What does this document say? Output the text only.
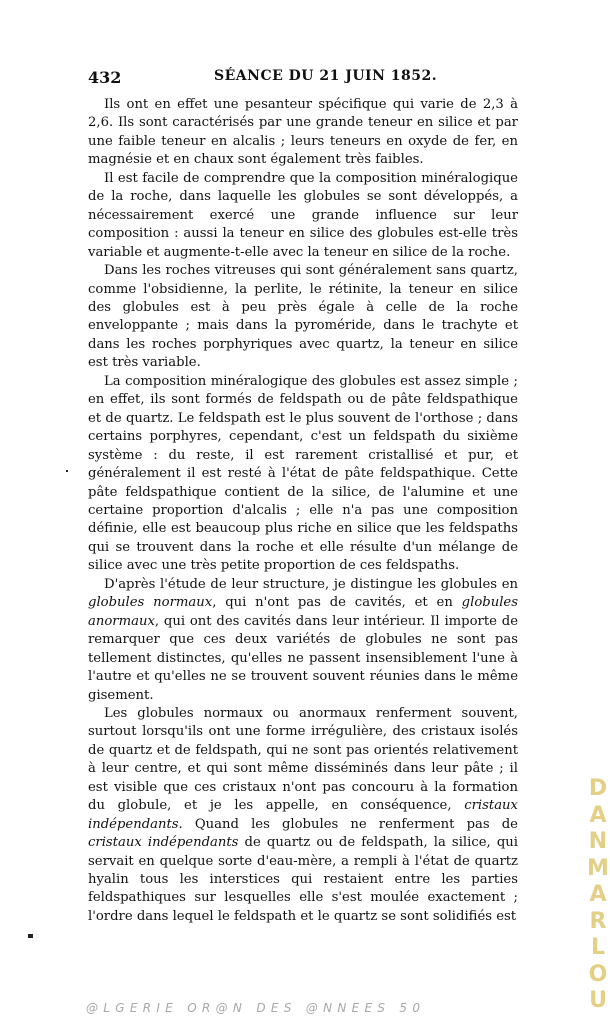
432	SÉANCE DU 21 JUIN 1852.

Ils ont en effet une pesanteur spécifique qui varie de 2,3 à 2,6. Ils sont caractérisés par une grande teneur en silice et par une faible teneur en alcalis ; leurs teneurs en oxyde de fer, en magnésie et en chaux sont également très faibles.

Il est facile de comprendre que la composition minéralogique de la roche, dans laquelle les globules se sont développés, a nécessairement exercé une grande influence sur leur composition : aussi la teneur en silice des globules est-elle très variable et augmente-t-elle avec la teneur en silice de la roche.

Dans les roches vitreuses qui sont généralement sans quartz, comme l'obsidienne, la perlite, le rétinite, la teneur en silice des globules est à peu près égale à celle de la roche enveloppante ; mais dans la pyroméride, dans le trachyte et dans les roches porphyriques avec quartz, la teneur en silice est très variable.

La composition minéralogique des globules est assez simple ; en effet, ils sont formés de feldspath ou de pâte feldspathique et de quartz. Le feldspath est le plus souvent de l'orthose ; dans certains porphyres, cependant, c'est un feldspath du sixième système : du reste, il est rarement cristallisé et pur, et généralement il est resté à l'état de pâte feldspathique. Cette pâte feldspathique contient de la silice, de l'alumine et une certaine proportion d'alcalis ; elle n'a pas une composition définie, elle est beaucoup plus riche en silice que les feldspaths qui se trouvent dans la roche et elle résulte d'un mélange de silice avec une très petite proportion de ces feldspaths.

D'après l'étude de leur structure, je distingue les globules en globules normaux, qui n'ont pas de cavités, et en globules anormaux, qui ont des cavités dans leur intérieur. Il importe de remarquer que ces deux variétés de globules ne sont pas tellement distinctes, qu'elles ne passent insensiblement l'une à l'autre et qu'elles ne se trouvent souvent réunies dans le même gisement.

Les globules normaux ou anormaux renferment souvent, surtout lorsqu'ils ont une forme irrégulière, des cristaux isolés de quartz et de feldspath, qui ne sont pas orientés relativement à leur centre, et qui sont même disséminés dans leur pâte ; il est visible que ces cristaux n'ont pas concouru à la formation du globule, et je les appelle, en conséquence, cristaux indépendants. Quand les globules ne renferment pas de cristaux indépendants de quartz ou de feldspath, la silice, qui servait en quelque sorte d'eau-mère, a rempli à l'état de quartz hyalin tous les interstices qui restaient entre les parties feldspathiques sur lesquelles elle s'est moulée exactement ; l'ordre dans lequel le feldspath et le quartz se sont solidifiés est

D
A
N
M
A
R
L
O
U
@LGERIE OR@N DES @NNEES 50
